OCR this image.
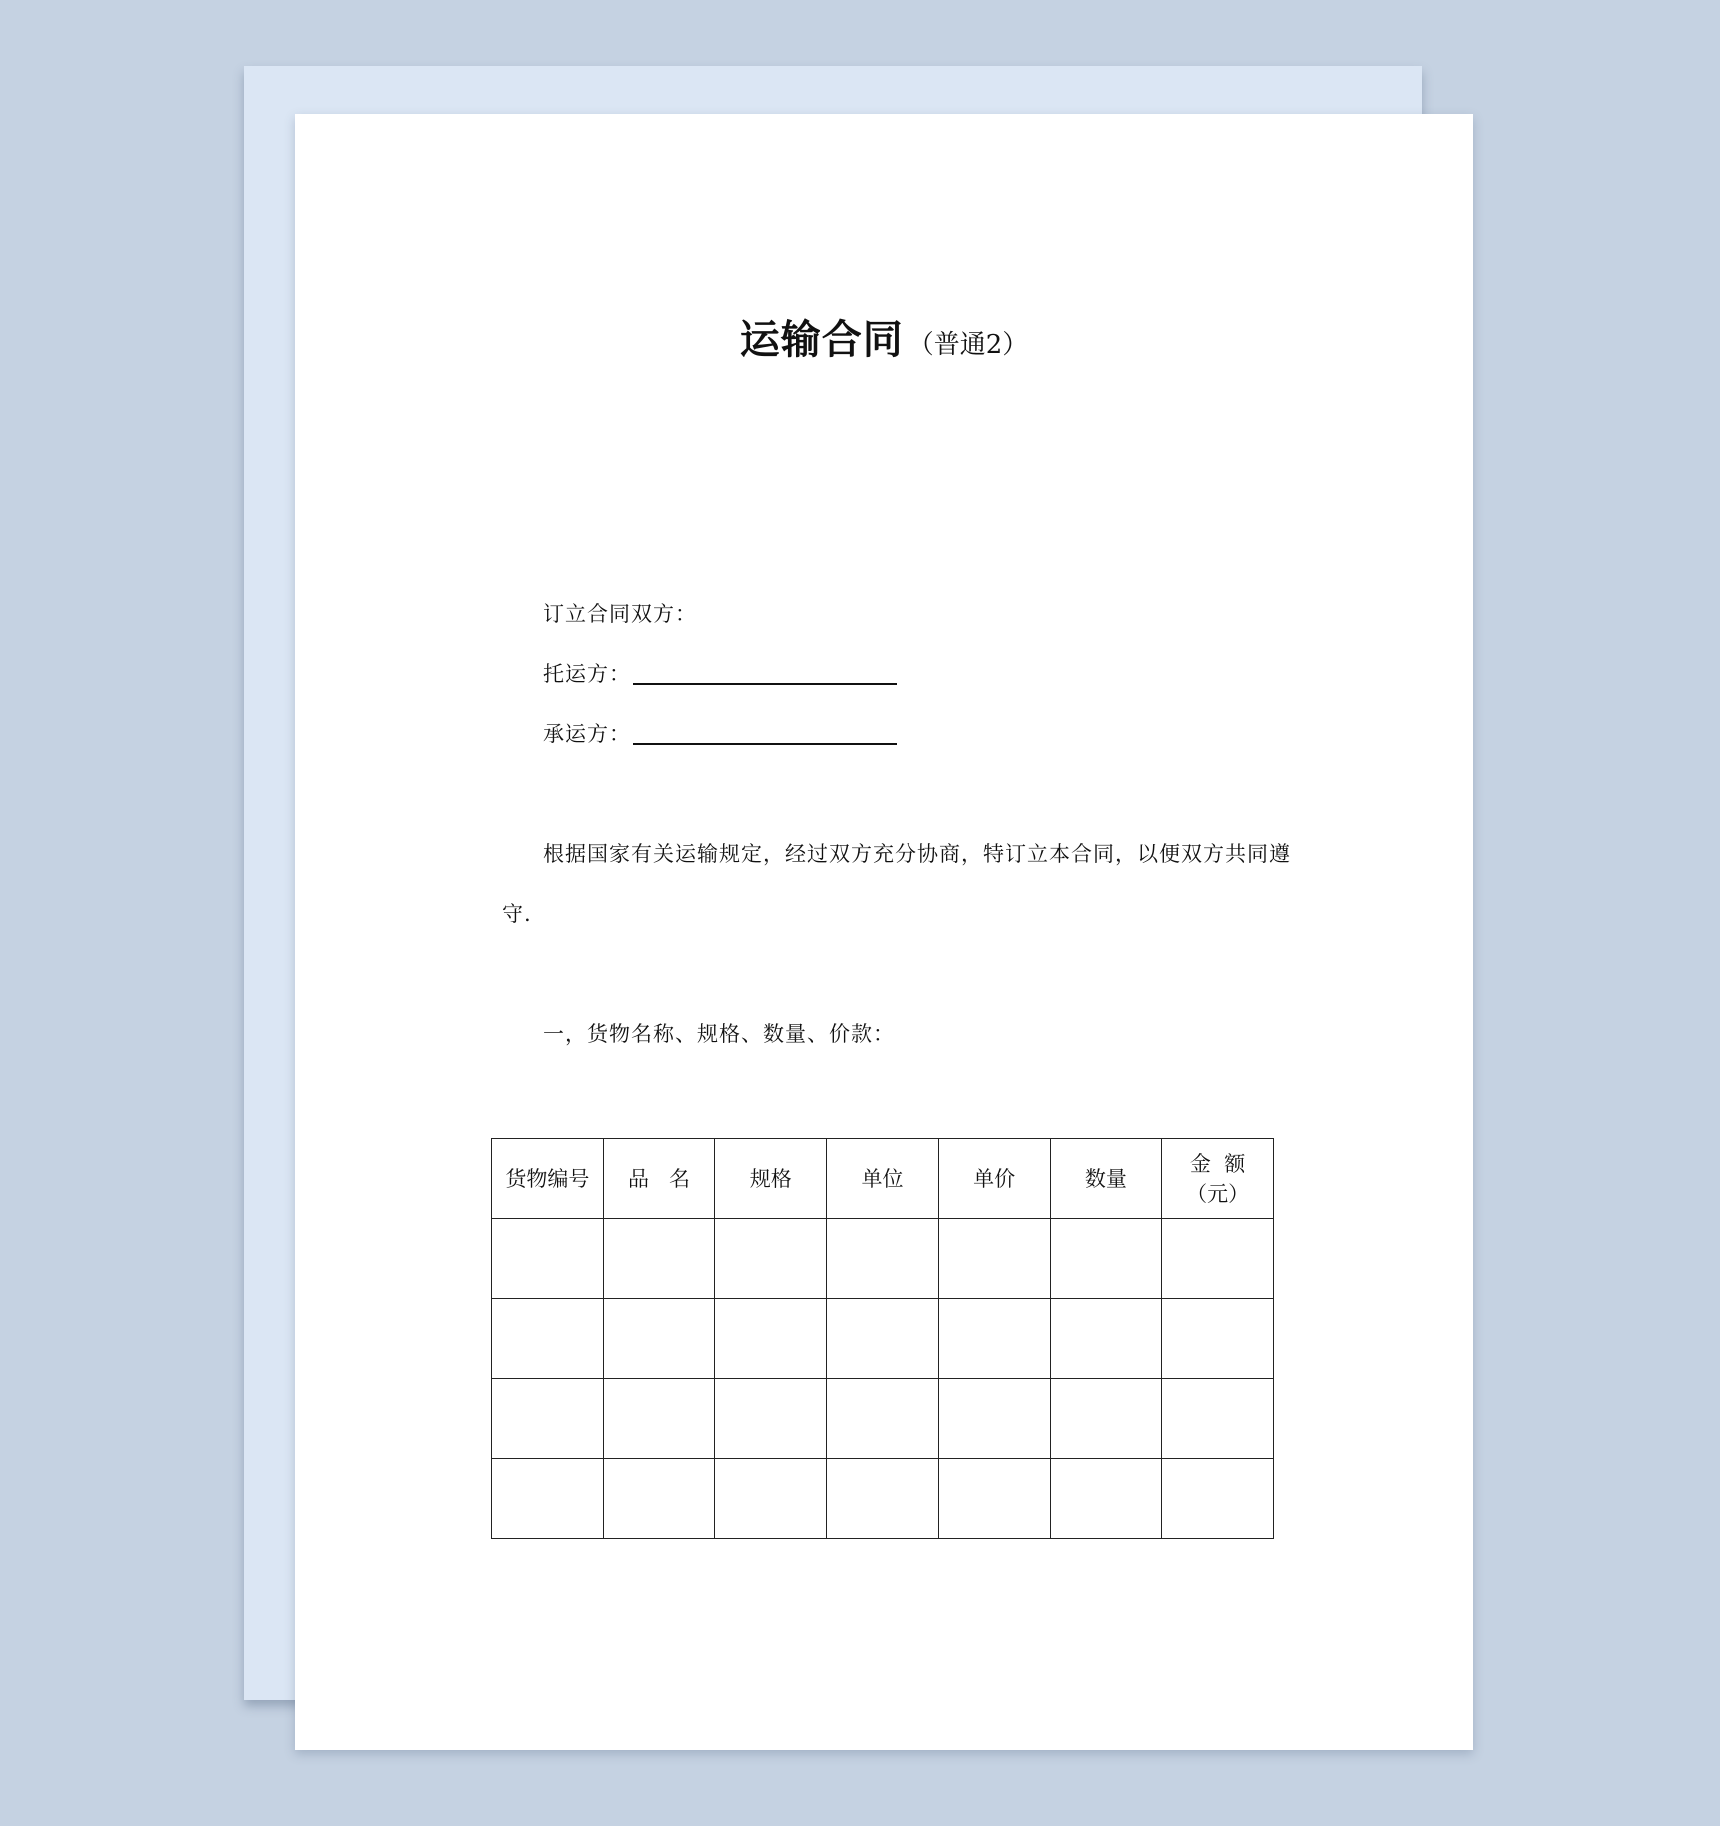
运输合同 （普通2）
订立合同双方：
托运方：
承运方：
根据国家有关运输规定，经过双方充分协商，特订立本合同，以便双方共同遵
守.
一，货物名称、规格、数量、价款：
货物编号	品   名	规格	单位	单价	数量	金  额
（元）
